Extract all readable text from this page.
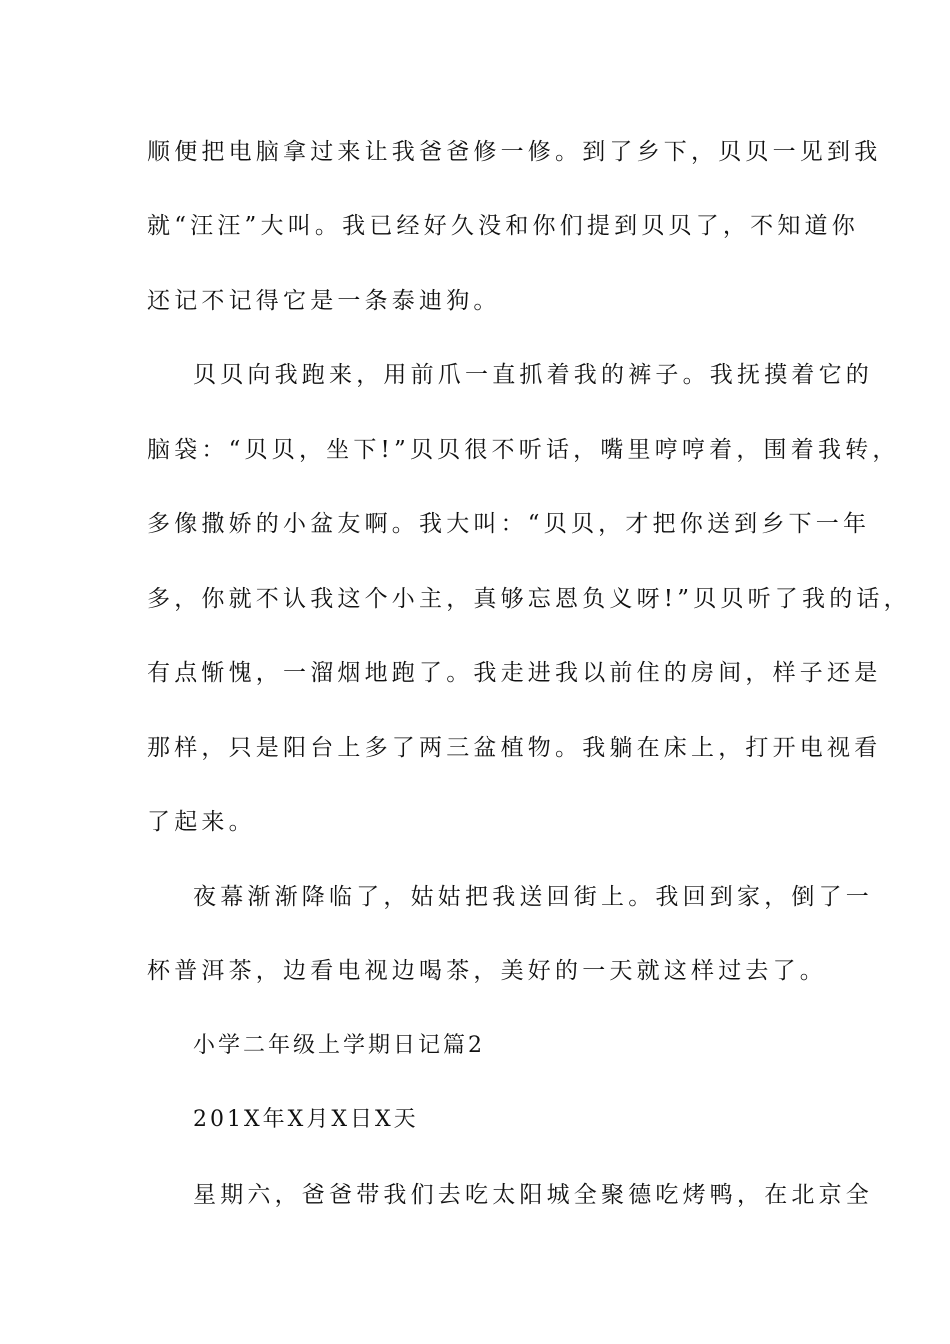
顺便把电脑拿过来让我爸爸修一修。到了乡下，贝贝一见到我
就“汪汪”大叫。我已经好久没和你们提到贝贝了，不知道你
还记不记得它是一条泰迪狗。
贝贝向我跑来，用前爪一直抓着我的裤子。我抚摸着它的
脑袋：“贝贝，坐下!”贝贝很不听话，嘴里哼哼着，围着我转，
多像撒娇的小盆友啊。我大叫：“贝贝，才把你送到乡下一年
多，你就不认我这个小主，真够忘恩负义呀!”贝贝听了我的话，
有点惭愧，一溜烟地跑了。我走进我以前住的房间，样子还是
那样，只是阳台上多了两三盆植物。我躺在床上，打开电视看
了起来。
夜幕渐渐降临了，姑姑把我送回街上。我回到家，倒了一
杯普洱茶，边看电视边喝茶，美好的一天就这样过去了。
小学二年级上学期日记篇2
201X年X月X日X天
星期六，爸爸带我们去吃太阳城全聚德吃烤鸭，在北京全
